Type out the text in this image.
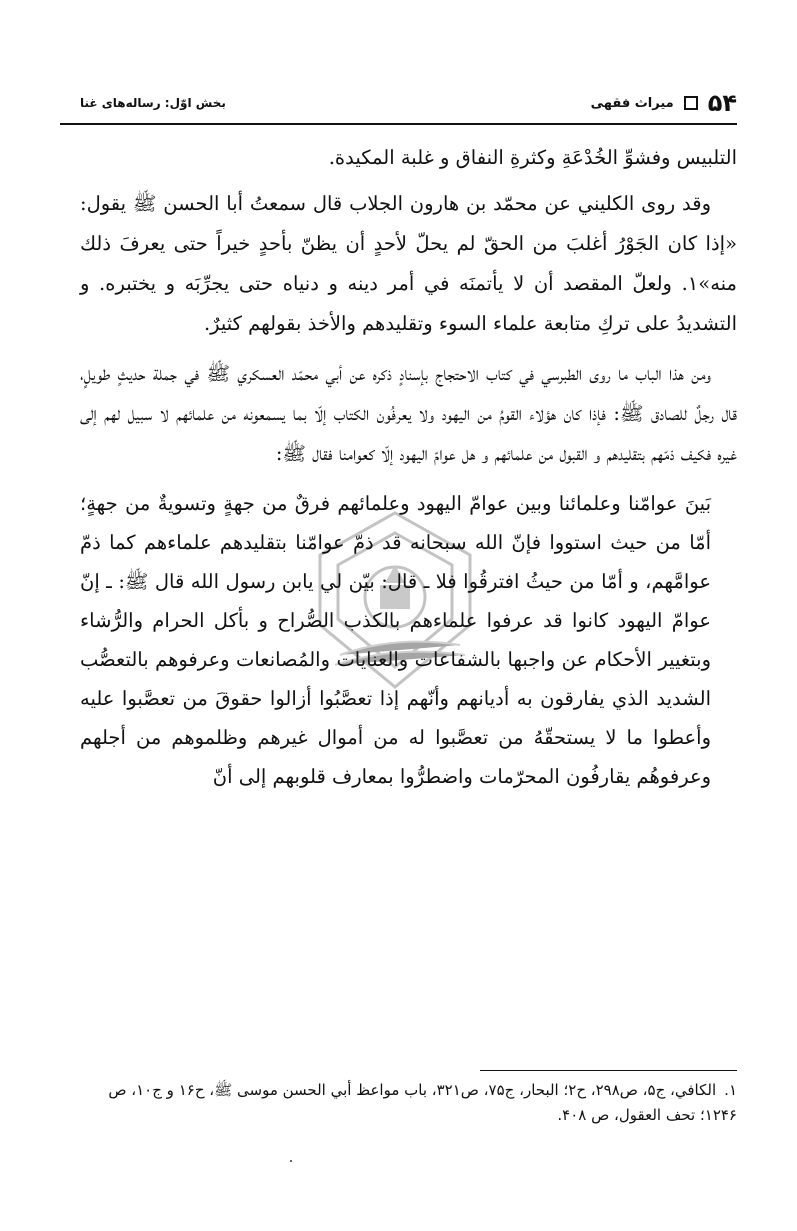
۵۴
میراث فقهی
بخش اوّل: رسالەهای غنا

التلبيس وفشوِّ الخُدْعَةِ وكثرةِ النفاق و غلبة المكيدة.

وقد روى الكليني عن محمّد بن هارون الجلاب قال سمعتُ أبا الحسن ﷺ يقول: «إذا كان الجَوْرُ أغلبَ من الحقّ لم يحلّ لأحدٍ أن يظنّ بأحدٍ خيراً حتى يعرفَ ذلك منه»١. ولعلّ المقصد أن لا يأتمنَه في أمر دينه و دنياه حتى يجرِّبَه و يختبره. و التشديدُ على تركِ متابعة علماء السوء وتقليدهم والأخذ بقولهم كثيرٌ.

ومن هذا الباب ما روى الطبرسي في كتاب الاحتجاج بإسنادٍ ذكره عن أبي محمّد العسكري ﷺ في جملة حديثٍ طويلٍ، قال رجلٌ للصادق ﷺ: فإذا كان هؤلاء القومُ من اليهود ولا يعرفُون الكتاب إلّا بما يسمعونه من علمائهم لا سبيل لهم إلى غيره فكيف ذمّهم بتقليدهم و القبول من علمائهم و هل عوامّ اليهود إلّا كعوامنا فقال ﷺ:

بَينَ عوامّنا وعلمائنا وبين عوامّ اليهود وعلمائهم فرقٌ من جهةٍ وتسويةٌ من جهةٍ؛ أمّا من حيث استووا فإنّ الله سبحانه قد ذمّ عوامّنا بتقليدهم علماءهم كما ذمّ عوامَّهم، و أمّا من حيثُ افترقُوا فلا ـ قال: بيّن لي يابن رسول الله قال ﷺ: ـ إنّ عوامّ اليهود كانوا قد عرفوا علماءهم بالكذب الصُّراح و بأكل الحرام والرُّشاء وبتغيير الأحكام عن واجبها بالشفاعات والعنايات والمُصانعات وعرفوهم بالتعصُّب الشديد الذي يفارقون به أديانهم وأنّهم إذا تعصَّبُوا أزالوا حقوقَ من تعصَّبوا عليه وأعطوا ما لا يستحقّهُ من تعصَّبوا له من أموال غيرهم وظلموهم من أجلهم وعرفوهُم يقارفُون المحرّمات واضطرُّوا بمعارف قلوبهم إلى أنّ

١.الكافي، ج۵، ص۲۹۸، ح۲؛ البحار، ج۷۵، ص۳۲۱، باب مواعظ أبي الحسن موسى ﷺ، ح۱۶ و ج۱۰، ص ۱۲۴۶؛ تحف العقول، ص ۴۰۸.
